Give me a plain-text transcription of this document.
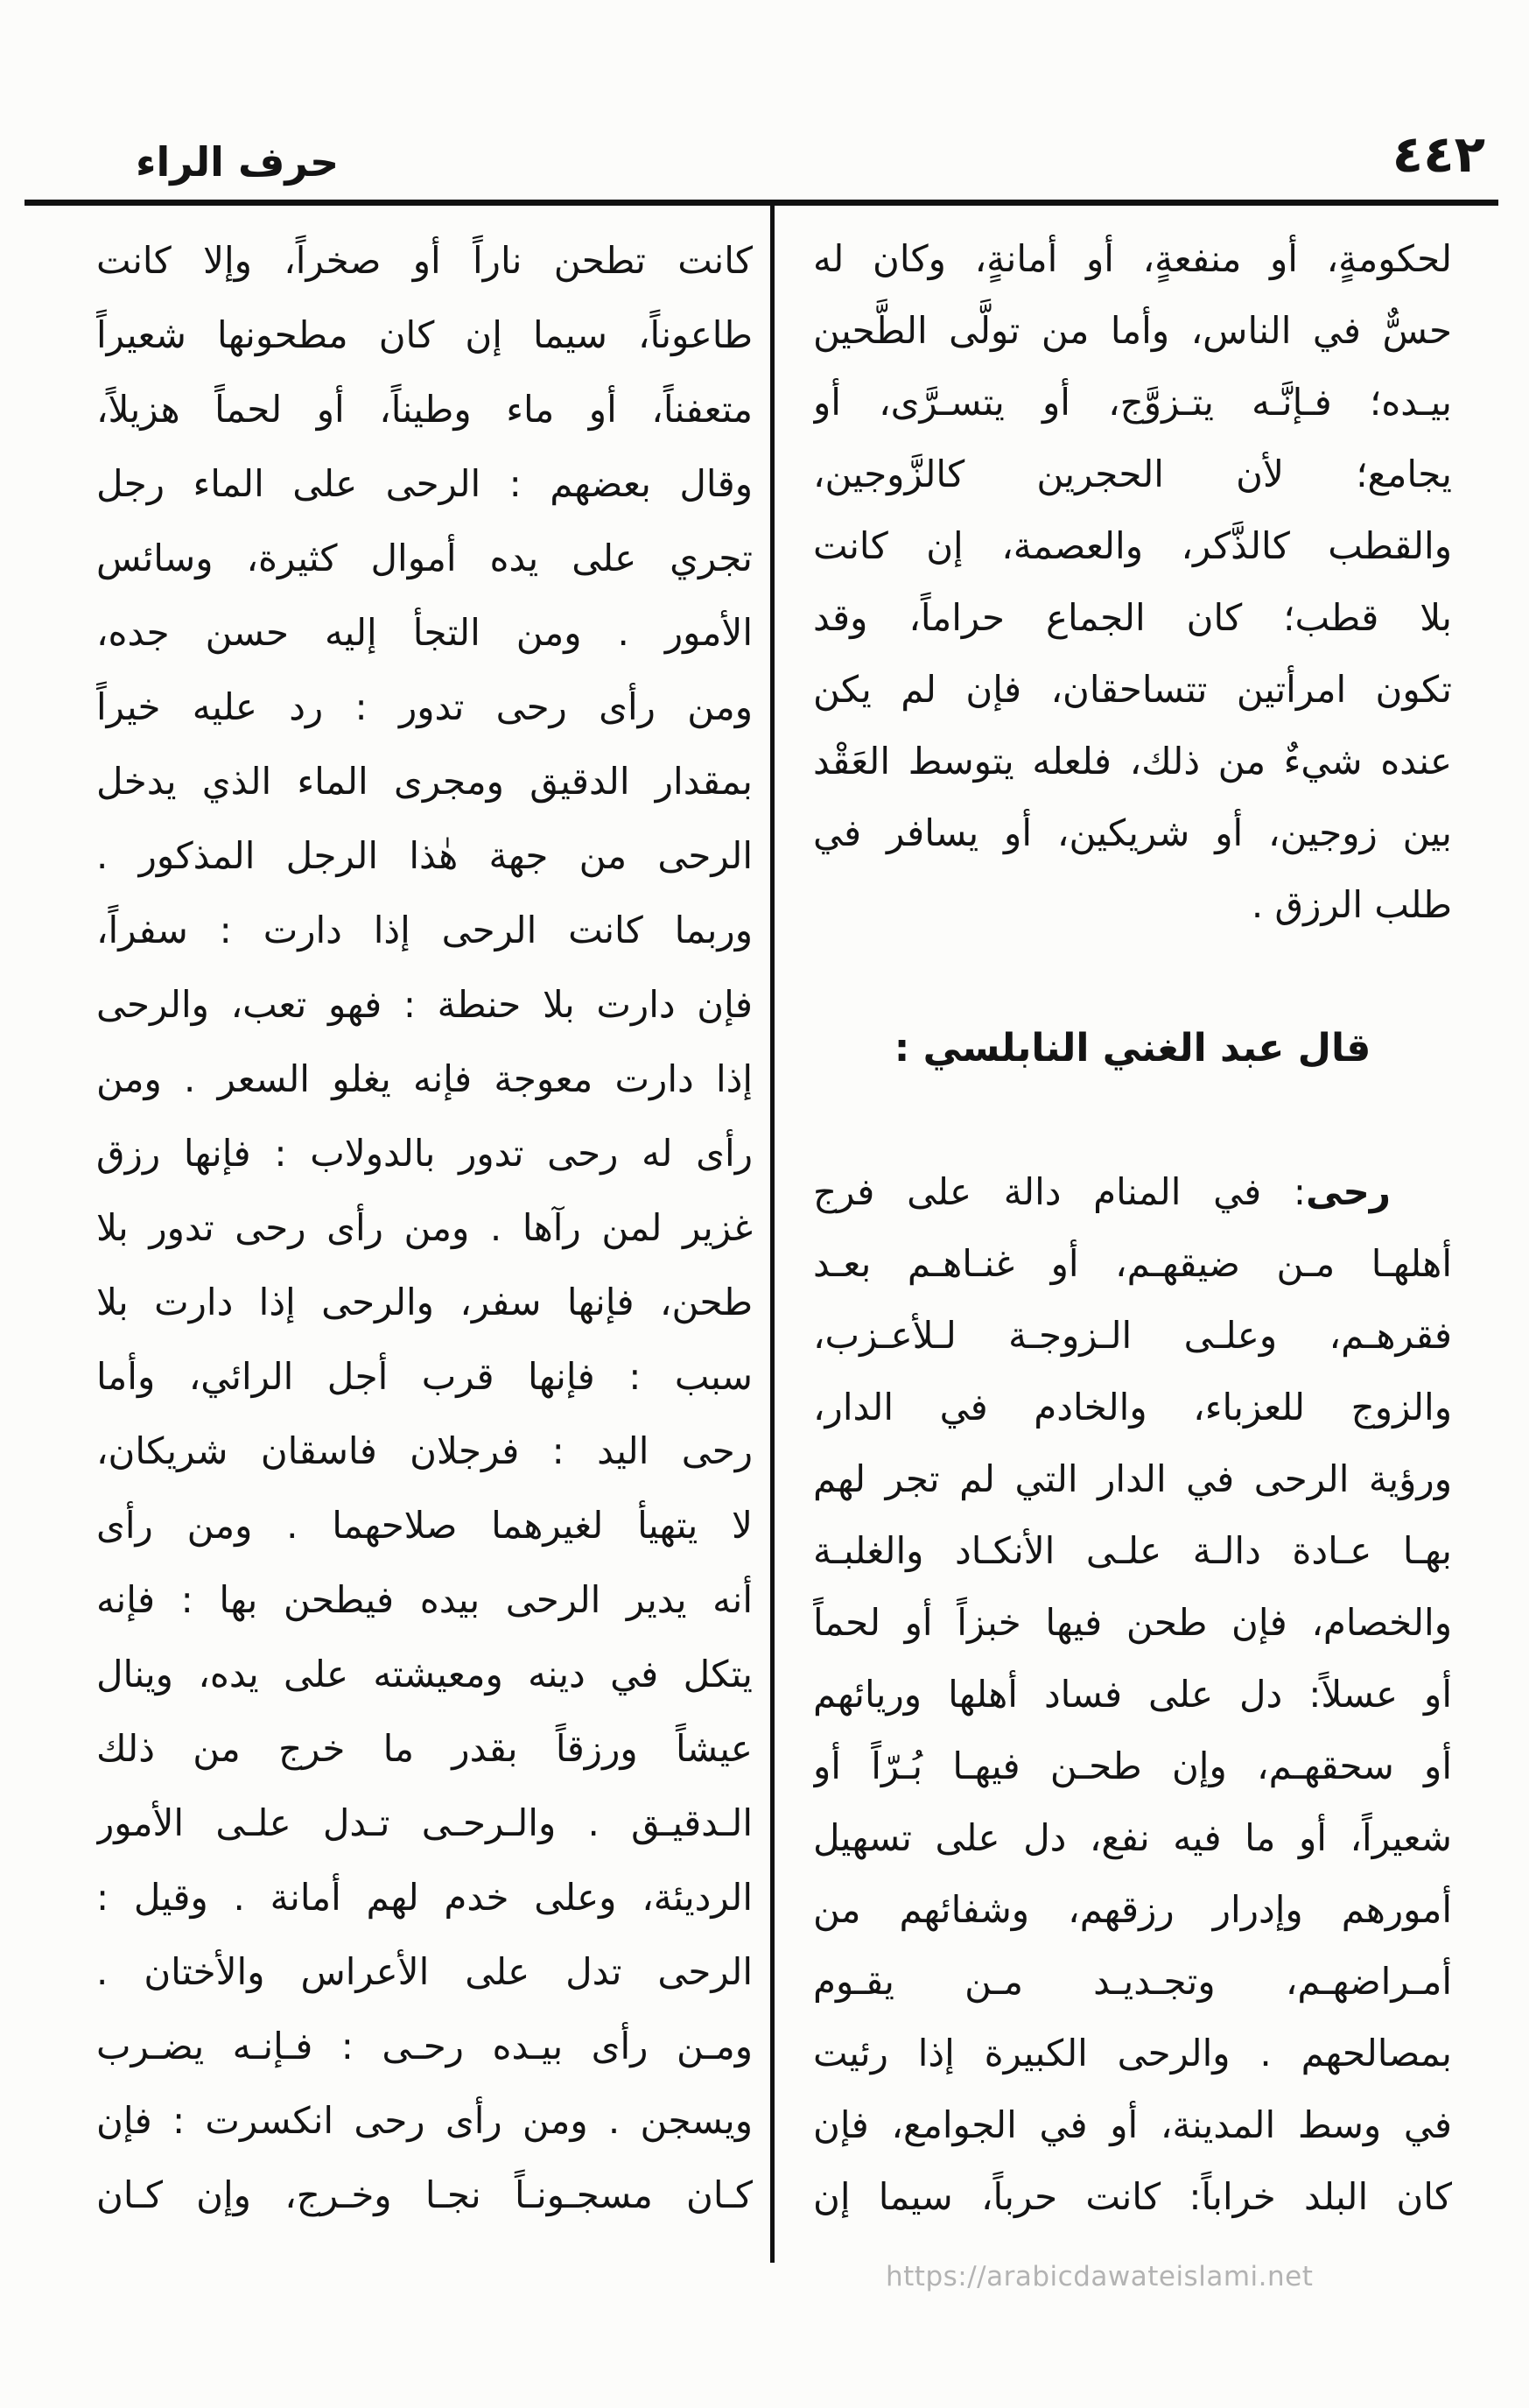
حرف الراء	٤٤٢
لحكومةٍ، أو منفعةٍ، أو أمانةٍ، وكان له
حسٌّ في الناس، وأما من تولَّى الطَّحين
بيـده؛ فـإنَّـه يتـزوَّج، أو يتسـرَّى، أو
يجامع؛ لأن الحجرين كالزَّوجين،
والقطب كالذَّكر، والعصمة، إن كانت
بلا قطب؛ كان الجماع حراماً، وقد
تكون امرأتين تتساحقان، فإن لم يكن
عنده شيءٌ من ذلك، فلعله يتوسط العَقْد
بين زوجين، أو شريكين، أو يسافر في
طلب الرزق .
قال عبد الغني النابلسي :
رحى: في المنام دالة على فرج
أهلهـا مـن ضيقهـم، أو غنـاهـم بعـد
فقرهـم، وعلـى الـزوجـة لـلأعـزب،
والزوج للعزباء، والخادم في الدار،
ورؤية الرحى في الدار التي لم تجر لهم
بهـا عـادة دالـة علـى الأنكـاد والغلبـة
والخصام، فإن طحن فيها خبزاً أو لحماً
أو عسلاً: دل على فساد أهلها وريائهم
أو سحقهـم، وإن طحـن فيهـا بُـرّاً أو
شعيراً، أو ما فيه نفع، دل على تسهيل
أمورهم وإدرار رزقهم، وشفائهم من
أمـراضهـم، وتجـديـد مـن يقـوم
بمصالحهم . والرحى الكبيرة إذا رئيت
في وسط المدينة، أو في الجوامع، فإن
كان البلد خراباً: كانت حرباً، سيما إن
كانت تطحن ناراً أو صخراً، وإلا كانت
طاعوناً، سيما إن كان مطحونها شعيراً
متعفناً، أو ماء وطيناً، أو لحماً هزيلاً،
وقال بعضهم : الرحى على الماء رجل
تجري على يده أموال كثيرة، وسائس
الأمور . ومن التجأ إليه حسن جده،
ومن رأى رحى تدور : رد عليه خيراً
بمقدار الدقيق ومجرى الماء الذي يدخل
الرحى من جهة هٰذا الرجل المذكور .
وربما كانت الرحى إذا دارت : سفراً،
فإن دارت بلا حنطة : فهو تعب، والرحى
إذا دارت معوجة فإنه يغلو السعر . ومن
رأى له رحى تدور بالدولاب : فإنها رزق
غزير لمن رآها . ومن رأى رحى تدور بلا
طحن، فإنها سفر، والرحى إذا دارت بلا
سبب : فإنها قرب أجل الرائي، وأما
رحى اليد : فرجلان فاسقان شريكان،
لا يتهيأ لغيرهما صلاحهما . ومن رأى
أنه يدير الرحى بيده فيطحن بها : فإنه
يتكل في دينه ومعيشته على يده، وينال
عيشاً ورزقاً بقدر ما خرج من ذلك
الـدقيـق . والـرحـى تـدل علـى الأمور
الرديئة، وعلى خدم لهم أمانة . وقيل :
الرحى تدل على الأعراس والأختان .
ومـن رأى بيـده رحـى : فـإنـه يضـرب
ويسجن . ومن رأى رحى انكسرت : فإن
كـان مسجـونـاً نجـا وخـرج، وإن كـان
https://arabicdawateislami.net
